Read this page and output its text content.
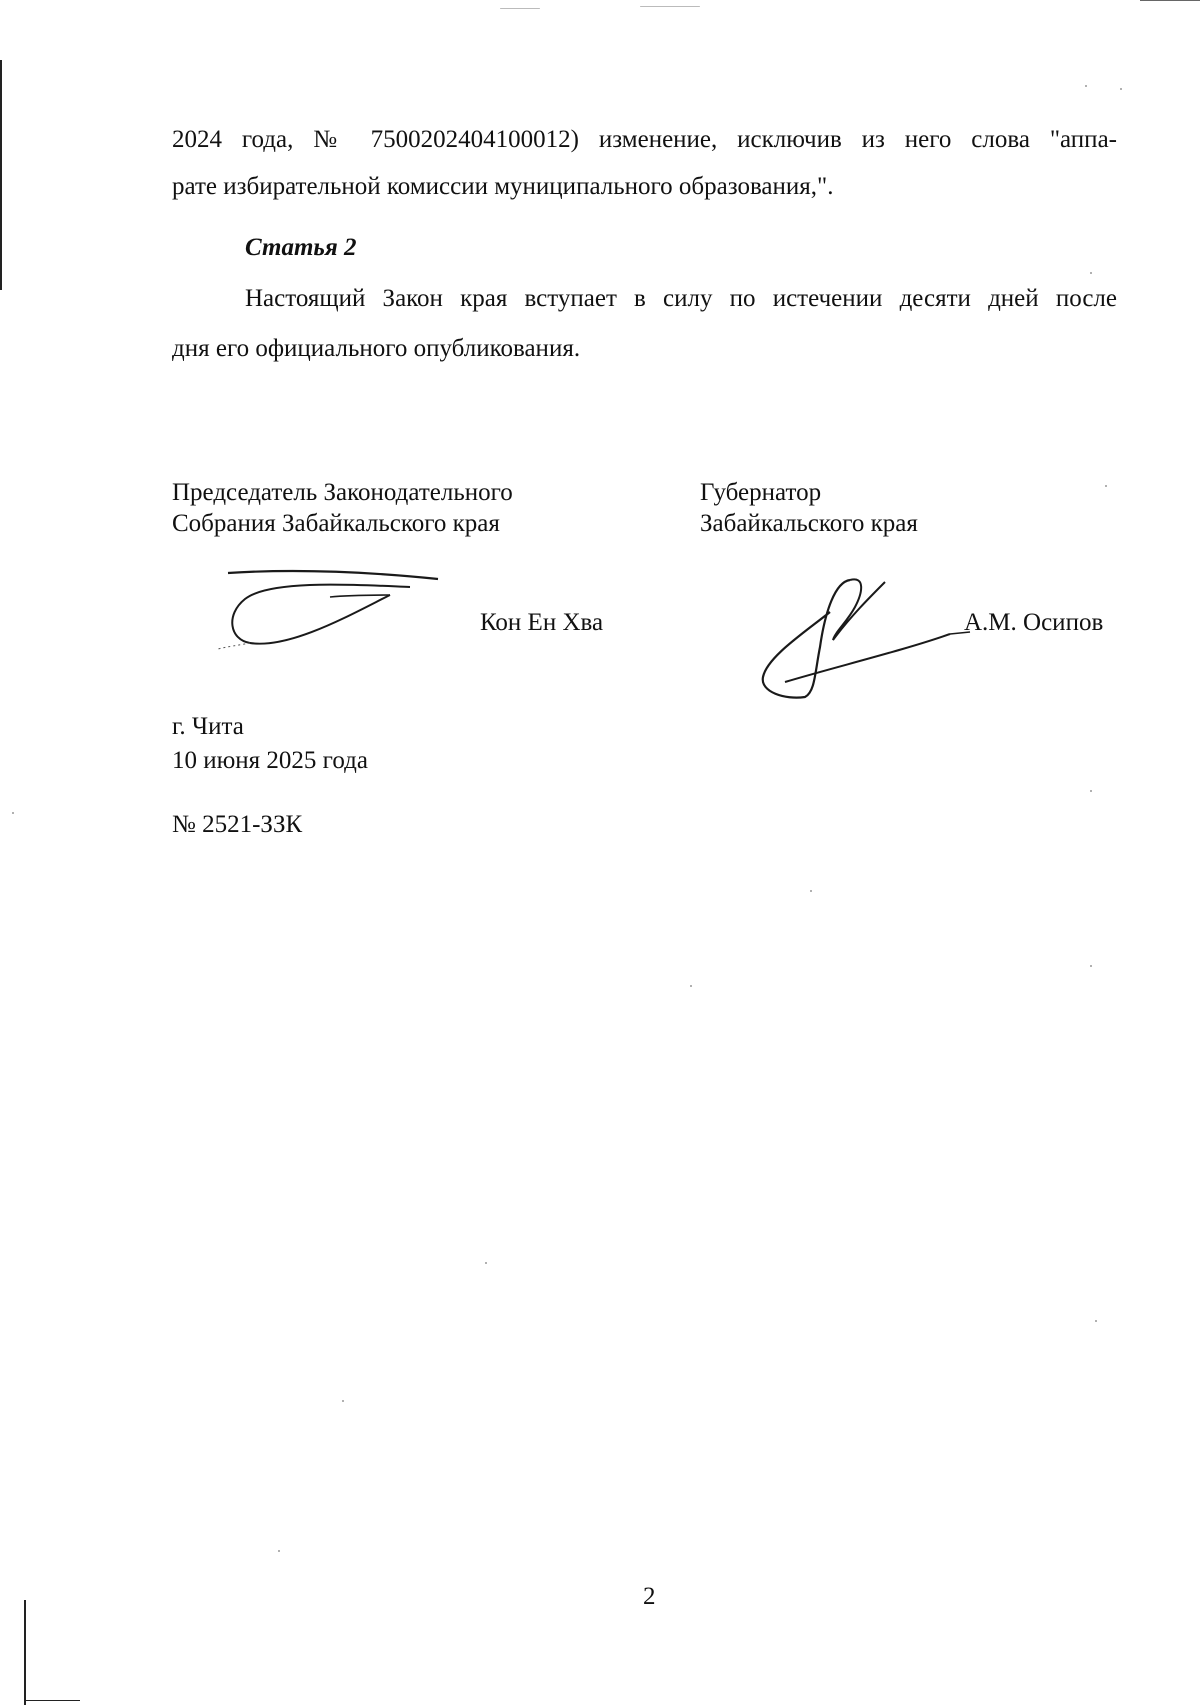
2024 года, № 7500202404100012) изменение, исключив из него слова "аппа-
рате избирательной комиссии муниципального образования,".
Статья 2
Настоящий Закон края вступает в силу по истечении десяти дней после
дня его официального опубликования.
Председатель Законодательного
Собрания Забайкальского края
Губернатор
Забайкальского края
Кон Ен Хва	А.М. Осипов
г. Чита
10 июня 2025 года
№ 2521-ЗЗК
2
